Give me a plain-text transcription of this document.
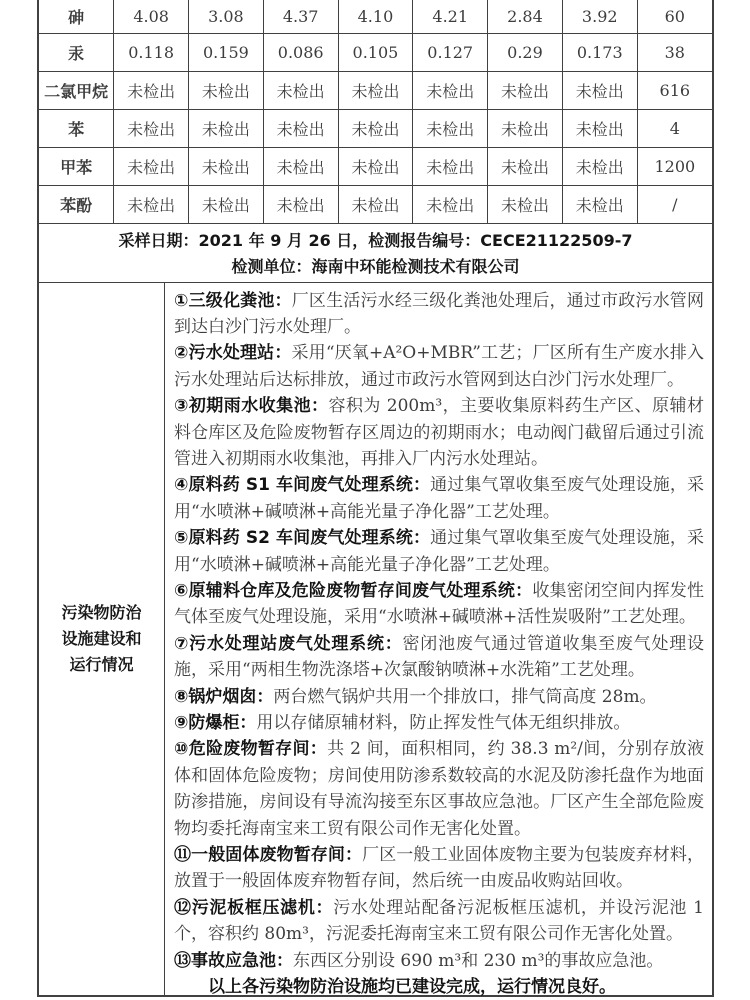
砷	4.08	3.08	4.37	4.10	4.21	2.84	3.92	60
汞	0.118	0.159	0.086	0.105	0.127	0.29	0.173	38
二氯甲烷	未检出	未检出	未检出	未检出	未检出	未检出	未检出	616
苯	未检出	未检出	未检出	未检出	未检出	未检出	未检出	4
甲苯	未检出	未检出	未检出	未检出	未检出	未检出	未检出	1200
苯酚	未检出	未检出	未检出	未检出	未检出	未检出	未检出	/
采样日期：2021 年 9 月 26 日，检测报告编号：CECE21122509-7
检测单位：海南中环能检测技术有限公司
污染物防治
设施建设和
运行情况

①三级化粪池：厂区生活污水经三级化粪池处理后，通过市政污水管网到达白沙门污水处理厂。

②污水处理站：采用“厌氧+A²O+MBR”工艺；厂区所有生产废水排入污水处理站后达标排放，通过市政污水管网到达白沙门污水处理厂。

③初期雨水收集池：容积为 200m³，主要收集原料药生产区、原辅材料仓库区及危险废物暂存区周边的初期雨水；电动阀门截留后通过引流管进入初期雨水收集池，再排入厂内污水处理站。

④原料药 S1 车间废气处理系统：通过集气罩收集至废气处理设施，采用“水喷淋+碱喷淋+高能光量子净化器”工艺处理。

⑤原料药 S2 车间废气处理系统：通过集气罩收集至废气处理设施，采用“水喷淋+碱喷淋+高能光量子净化器”工艺处理。

⑥原辅料仓库及危险废物暂存间废气处理系统：收集密闭空间内挥发性气体至废气处理设施，采用“水喷淋+碱喷淋+活性炭吸附”工艺处理。

⑦污水处理站废气处理系统：密闭池废气通过管道收集至废气处理设施，采用“两相生物洗涤塔+次氯酸钠喷淋+水洗箱”工艺处理。

⑧锅炉烟囱：两台燃气锅炉共用一个排放口，排气筒高度 28m。

⑨防爆柜：用以存储原辅材料，防止挥发性气体无组织排放。

⑩危险废物暂存间：共 2 间，面积相同，约 38.3 m²/间，分别存放液体和固体危险废物；房间使用防渗系数较高的水泥及防渗托盘作为地面防渗措施，房间设有导流沟接至东区事故应急池。厂区产生全部危险废物均委托海南宝来工贸有限公司作无害化处置。

⑪一般固体废物暂存间：厂区一般工业固体废物主要为包装废弃材料，放置于一般固体废弃物暂存间，然后统一由废品收购站回收。

⑫污泥板框压滤机：污水处理站配备污泥板框压滤机，并设污泥池 1 个，容积约 80m³，污泥委托海南宝来工贸有限公司作无害化处置。

⑬事故应急池：东西区分别设 690 m³和 230 m³的事故应急池。

以上各污染物防治设施均已建设完成，运行情况良好。
